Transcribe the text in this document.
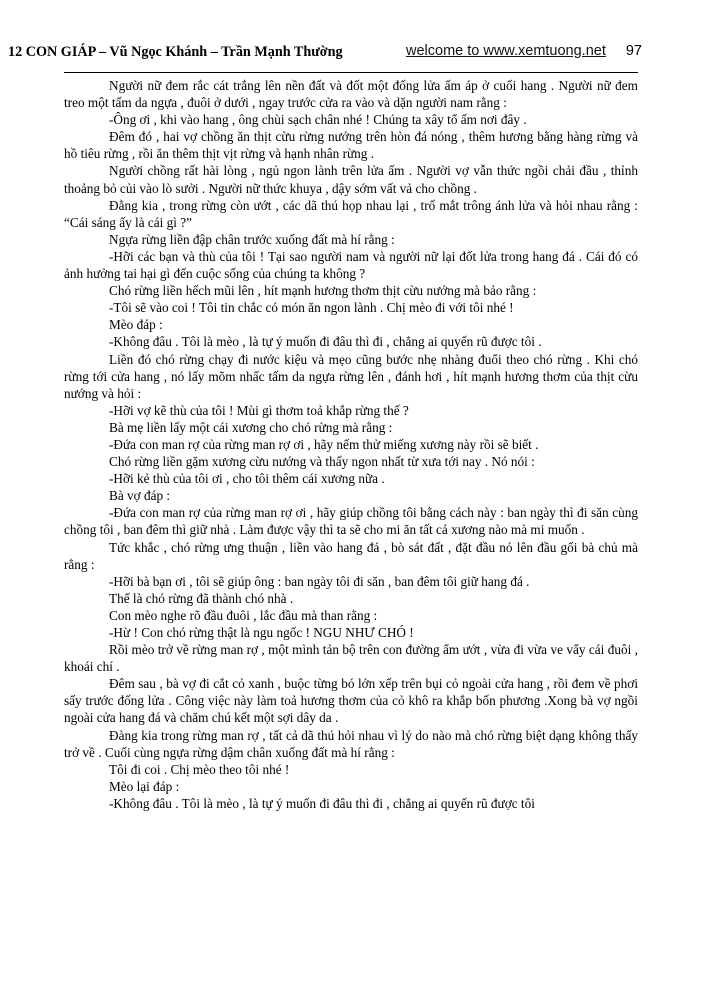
12 CON GIÁP – Vũ Ngọc Khánh – Trần Mạnh Thường	welcome to www.xemtuong.net 97

Người nữ đem rắc cát trắng lên nền đất và đốt một đống lửa ấm áp ở cuối hang . Người nữ đem treo một tấm da ngựa , đuôi ở dưới , ngay trước cửa ra vào và dặn người nam rằng :

-Ông ơi , khi vào hang , ông chùi sạch chân nhé ! Chúng ta xây tổ ấm nơi đây .

Đêm đó , hai vợ chồng ăn thịt cừu rừng nướng trên hòn đá nóng , thêm hương bằng hàng rừng và hồ tiêu rừng , rồi ăn thêm thịt vịt rừng và hạnh nhân rừng .

Người chồng rất hài lòng , ngủ ngon lành trên lửa ấm . Người vợ vẫn thức ngồi chải đầu , thỉnh thoảng bỏ củi vào lò sưởi . Người nữ thức khuya , dậy sớm vất vả cho chồng .

Đằng kia , trong rừng còn ướt , các dã thú họp nhau lại , trố mắt trông ánh lửa và hỏi nhau rằng : “Cái sáng ấy là cái gì ?”

Ngựa rừng liền đập chân trước xuống đất mà hí rằng :

-Hỡi các bạn và thù của tôi ! Tại sao người nam và người nữ lại đốt lửa trong hang đá . Cái đó có ảnh hưởng tai hại gì đến cuộc sống của chúng ta không ?

Chó rừng liền hếch mũi lên , hít mạnh hương thơm thịt cừu nướng mà bảo rằng :

-Tôi sẽ vào coi ! Tôi tin chắc có món ăn ngon lành . Chị mèo đi với tôi nhé !

Mèo đáp :

-Không đâu . Tôi là mèo , là tự ý muốn đi đâu thì đi , chẳng ai quyến rũ được tôi .

Liền đó chó rừng chạy đi nước kiệu và mẹo cũng bước nhẹ nhàng đuổi theo chó rừng . Khi chó rừng tới cửa hang , nó lấy mõm nhấc tấm da ngựa rừng lên , đánh hơi , hít mạnh hương thơm của thịt cừu nướng và hỏi :

-Hỡi vợ kẽ thù của tôi ! Mùi gì thơm toả khắp rừng thế ?

Bà mẹ liền lấy một cái xương cho chó rừng mà rằng :

-Đứa con man rợ của rừng man rợ ơi , hãy nếm thử miếng xương này rồi sẽ biết .

Chó rừng liền gặm xương cừu nướng và thấy ngon nhất từ xưa tới nay . Nó nói :

-Hỡi kẻ thù của tôi ơi , cho tôi thêm cái xương nữa .

Bà vợ đáp :

-Đứa con man rợ của rừng man rợ ơi , hãy giúp chồng tôi bằng cách này : ban ngày thì đi săn cùng chồng tôi , ban đêm thì giữ nhà . Làm được vậy thì ta sẽ cho mi ăn tất cả xương nào mà mi muốn .

Tức khắc , chó rừng ưng thuận , liền vào hang đá , bò sát đất , đặt đầu nó lên đầu gối bà chủ mà rằng :

-Hỡi bà bạn ơi , tôi sẽ giúp ông : ban ngày tôi đi săn , ban đêm tôi giữ hang đá .

Thế là chó rừng đã thành chó nhà .

Con mèo nghe rõ đầu đuôi , lắc đầu mà than rằng :

-Hừ ! Con chó rừng thật là ngu ngốc ! NGU NHƯ CHÓ !

Rồi mèo trở về rừng man rợ , một mình tản bộ trên con đường ẩm ướt , vừa đi vừa ve vẩy cái đuôi , khoái chí .

Đêm sau , bà vợ đi cắt cỏ xanh , buộc từng bó lớn xếp trên bụi cỏ ngoài cửa hang , rồi đem về phơi sấy trước đống lửa . Công việc này làm toả hương thơm của cỏ khô ra khắp bốn phương .Xong bà vợ ngồi ngoài cửa hang đá và chăm chú kết một sợi dây da .

Đàng kia trong rừng man rợ , tất cả dã thú hỏi nhau vì lý do nào mà chó rừng biệt dạng không thấy trở về . Cuối cùng ngựa rừng dậm chân xuống đất mà hí rằng :

Tôi đi coi . Chị mèo theo tôi nhé !

Mèo lại đáp :

-Không đâu . Tôi là mèo , là tự ý muốn đi đâu thì đi , chẳng ai quyến rũ được tôi
